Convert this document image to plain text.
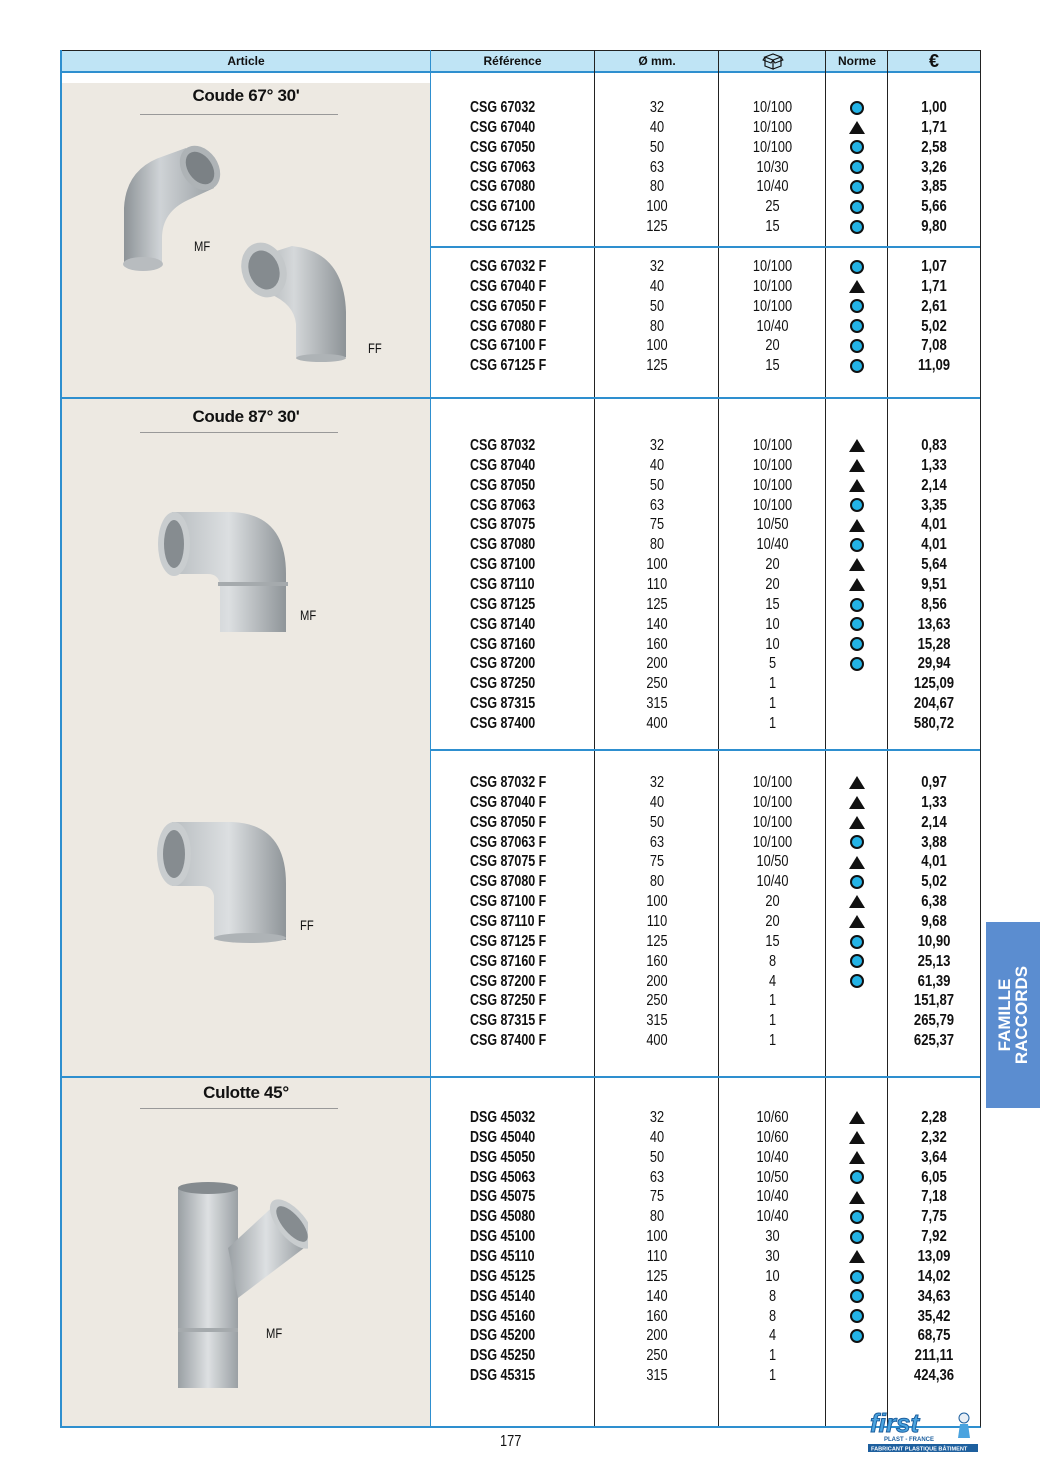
Article	Référence	Ø mm.	Norme	€
Coude 67° 30'
Coude 87° 30'
Culotte 45°
MF
FF
MF
FF
MF
CSG 67032	32	10/100	1,00
CSG 67040	40	10/100	1,71
CSG 67050	50	10/100	2,58
CSG 67063	63	10/30	3,26
CSG 67080	80	10/40	3,85
CSG 67100	100	25	5,66
CSG 67125	125	15	9,80
CSG 67032 F	32	10/100	1,07
CSG 67040 F	40	10/100	1,71
CSG 67050 F	50	10/100	2,61
CSG 67080 F	80	10/40	5,02
CSG 67100 F	100	20	7,08
CSG 67125 F	125	15	11,09
CSG 87032	32	10/100	0,83
CSG 87040	40	10/100	1,33
CSG 87050	50	10/100	2,14
CSG 87063	63	10/100	3,35
CSG 87075	75	10/50	4,01
CSG 87080	80	10/40	4,01
CSG 87100	100	20	5,64
CSG 87110	110	20	9,51
CSG 87125	125	15	8,56
CSG 87140	140	10	13,63
CSG 87160	160	10	15,28
CSG 87200	200	5	29,94
CSG 87250	250	1	125,09
CSG 87315	315	1	204,67
CSG 87400	400	1	580,72
CSG 87032 F	32	10/100	0,97
CSG 87040 F	40	10/100	1,33
CSG 87050 F	50	10/100	2,14
CSG 87063 F	63	10/100	3,88
CSG 87075 F	75	10/50	4,01
CSG 87080 F	80	10/40	5,02
CSG 87100 F	100	20	6,38
CSG 87110 F	110	20	9,68
CSG 87125 F	125	15	10,90
CSG 87160 F	160	8	25,13
CSG 87200 F	200	4	61,39
CSG 87250 F	250	1	151,87
CSG 87315 F	315	1	265,79
CSG 87400 F	400	1	625,37
DSG 45032	32	10/60	2,28
DSG 45040	40	10/60	2,32
DSG 45050	50	10/40	3,64
DSG 45063	63	10/50	6,05
DSG 45075	75	10/40	7,18
DSG 45080	80	10/40	7,75
DSG 45100	100	30	7,92
DSG 45110	110	30	13,09
DSG 45125	125	10	14,02
DSG 45140	140	8	34,63
DSG 45160	160	8	35,42
DSG 45200	200	4	68,75
DSG 45250	250	1	211,11
DSG 45315	315	1	424,36
FAMILLE
RACCORDS
177
first
PLAST - FRANCE
FABRICANT PLASTIQUE BÂTIMENT
